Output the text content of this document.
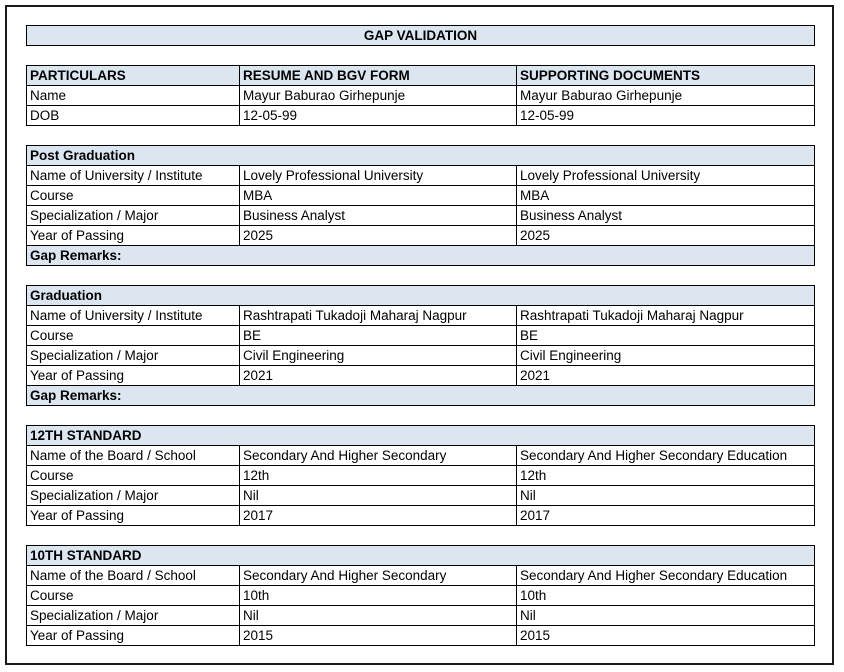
GAP VALIDATION		

PARTICULARS	RESUME AND BGV FORM	SUPPORTING DOCUMENTS
Name	Mayur Baburao Girhepunje	Mayur Baburao Girhepunje
DOB	12-05-99	12-05-99

Post Graduation		
Name of University / Institute	Lovely Professional University	Lovely Professional University
Course	MBA	MBA
Specialization / Major	Business Analyst	Business Analyst
Year of Passing	2025	2025
Gap Remarks:		

Graduation		
Name of University / Institute	Rashtrapati Tukadoji Maharaj Nagpur	Rashtrapati Tukadoji Maharaj Nagpur
Course	BE	BE
Specialization / Major	Civil Engineering	Civil Engineering
Year of Passing	2021	2021
Gap Remarks:		

12TH STANDARD		
Name of the Board / School	Secondary And Higher Secondary	Secondary And Higher Secondary Education
Course	12th	12th
Specialization / Major	Nil	Nil
Year of Passing	2017	2017

10TH STANDARD		
Name of the Board / School	Secondary And Higher Secondary	Secondary And Higher Secondary Education
Course	10th	10th
Specialization / Major	Nil	Nil
Year of Passing	2015	2015
